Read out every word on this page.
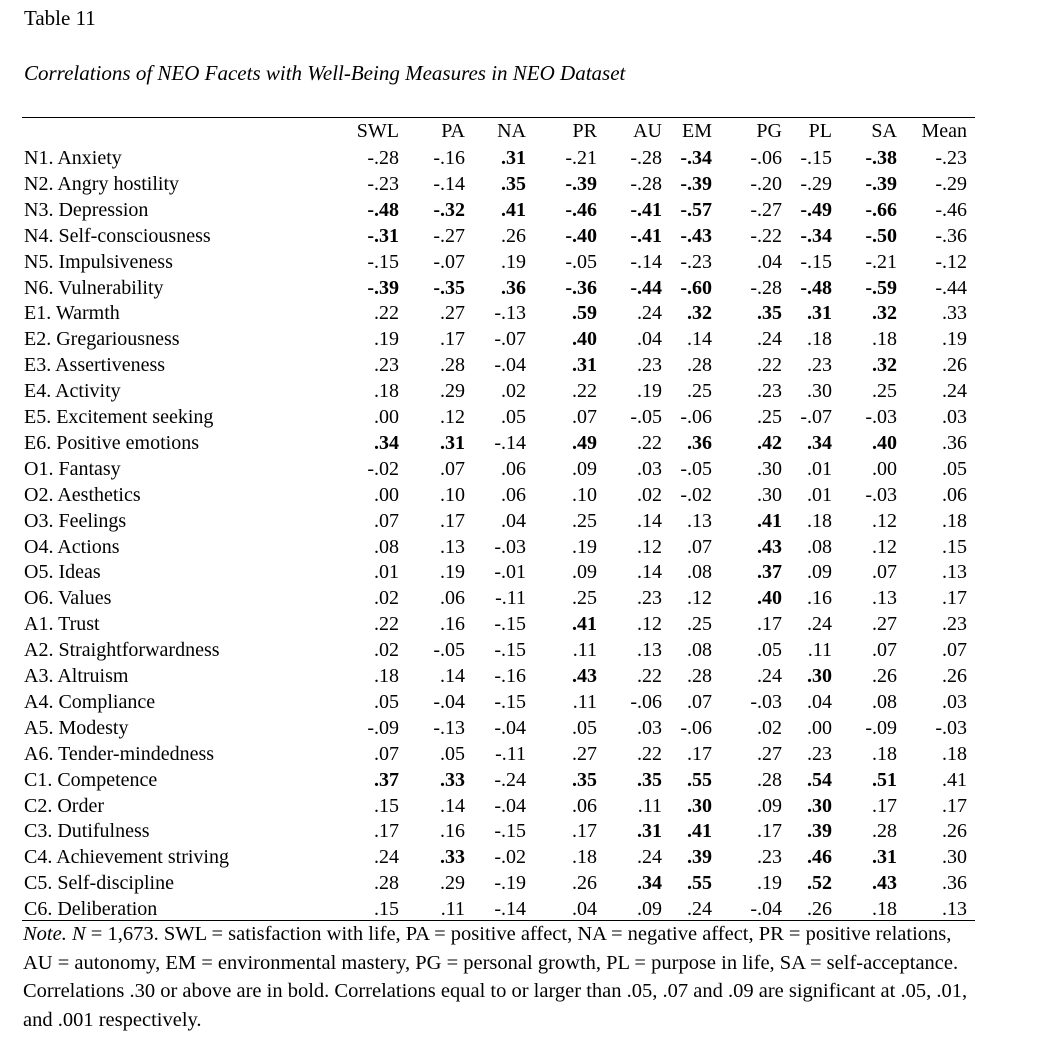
Table 11
Correlations of NEO Facets with Well-Being Measures in NEO Dataset
SWL PA NA PR AU EM PG PL SA Mean
N1. Anxiety	-.28 -.16 .31 -.21 -.28 -.34 -.06 -.15 -.38 -.23
N2. Angry hostility	-.23 -.14 .35 -.39 -.28 -.39 -.20 -.29 -.39 -.29
N3. Depression	-.48 -.32 .41 -.46 -.41 -.57 -.27 -.49 -.66 -.46
N4. Self-consciousness	-.31 -.27 .26 -.40 -.41 -.43 -.22 -.34 -.50 -.36
N5. Impulsiveness	-.15 -.07 .19 -.05 -.14 -.23 .04 -.15 -.21 -.12
N6. Vulnerability	-.39 -.35 .36 -.36 -.44 -.60 -.28 -.48 -.59 -.44
E1. Warmth	.22 .27 -.13 .59 .24 .32 .35 .31 .32 .33
E2. Gregariousness	.19 .17 -.07 .40 .04 .14 .24 .18 .18 .19
E3. Assertiveness	.23 .28 -.04 .31 .23 .28 .22 .23 .32 .26
E4. Activity	.18 .29 .02 .22 .19 .25 .23 .30 .25 .24
E5. Excitement seeking	.00 .12 .05 .07 -.05 -.06 .25 -.07 -.03 .03
E6. Positive emotions	.34 .31 -.14 .49 .22 .36 .42 .34 .40 .36
O1. Fantasy	-.02 .07 .06 .09 .03 -.05 .30 .01 .00 .05
O2. Aesthetics	.00 .10 .06 .10 .02 -.02 .30 .01 -.03 .06
O3. Feelings	.07 .17 .04 .25 .14 .13 .41 .18 .12 .18
O4. Actions	.08 .13 -.03 .19 .12 .07 .43 .08 .12 .15
O5. Ideas	.01 .19 -.01 .09 .14 .08 .37 .09 .07 .13
O6. Values	.02 .06 -.11 .25 .23 .12 .40 .16 .13 .17
A1. Trust	.22 .16 -.15 .41 .12 .25 .17 .24 .27 .23
A2. Straightforwardness	.02 -.05 -.15 .11 .13 .08 .05 .11 .07 .07
A3. Altruism	.18 .14 -.16 .43 .22 .28 .24 .30 .26 .26
A4. Compliance	.05 -.04 -.15 .11 -.06 .07 -.03 .04 .08 .03
A5. Modesty	-.09 -.13 -.04 .05 .03 -.06 .02 .00 -.09 -.03
A6. Tender-mindedness	.07 .05 -.11 .27 .22 .17 .27 .23 .18 .18
C1. Competence	.37 .33 -.24 .35 .35 .55 .28 .54 .51 .41
C2. Order	.15 .14 -.04 .06 .11 .30 .09 .30 .17 .17
C3. Dutifulness	.17 .16 -.15 .17 .31 .41 .17 .39 .28 .26
C4. Achievement striving	.24 .33 -.02 .18 .24 .39 .23 .46 .31 .30
C5. Self-discipline	.28 .29 -.19 .26 .34 .55 .19 .52 .43 .36
C6. Deliberation	.15 .11 -.14 .04 .09 .24 -.04 .26 .18 .13
Note. N = 1,673. SWL = satisfaction with life, PA = positive affect, NA = negative affect, PR = positive relations, AU = autonomy, EM = environmental mastery, PG = personal growth, PL = purpose in life, SA = self-acceptance. Correlations .30 or above are in bold. Correlations equal to or larger than .05, .07 and .09 are significant at .05, .01, and .001 respectively.
